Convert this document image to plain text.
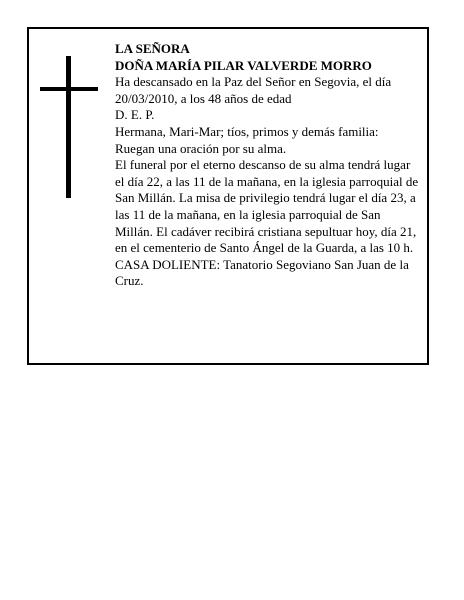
LA SEÑORA

DOÑA MARÍA PILAR VALVERDE MORRO

Ha descansado en la Paz del Señor en Segovia, el día 20/03/2010, a los 48 años de edad

D. E. P.

Hermana, Mari-Mar; tíos, primos y demás familia:

Ruegan una oración por su alma.

El funeral por el eterno descanso de su alma tendrá lugar el día 22, a las 11 de la mañana, en la iglesia parroquial de San Millán. La misa de privilegio tendrá lugar el día 23, a las 11 de la mañana, en la iglesia parroquial de San Millán. El cadáver recibirá cristiana sepultuar hoy, día 21, en el cementerio de Santo Ángel de la Guarda, a las 10 h.

CASA DOLIENTE: Tanatorio Segoviano San Juan de la Cruz.
